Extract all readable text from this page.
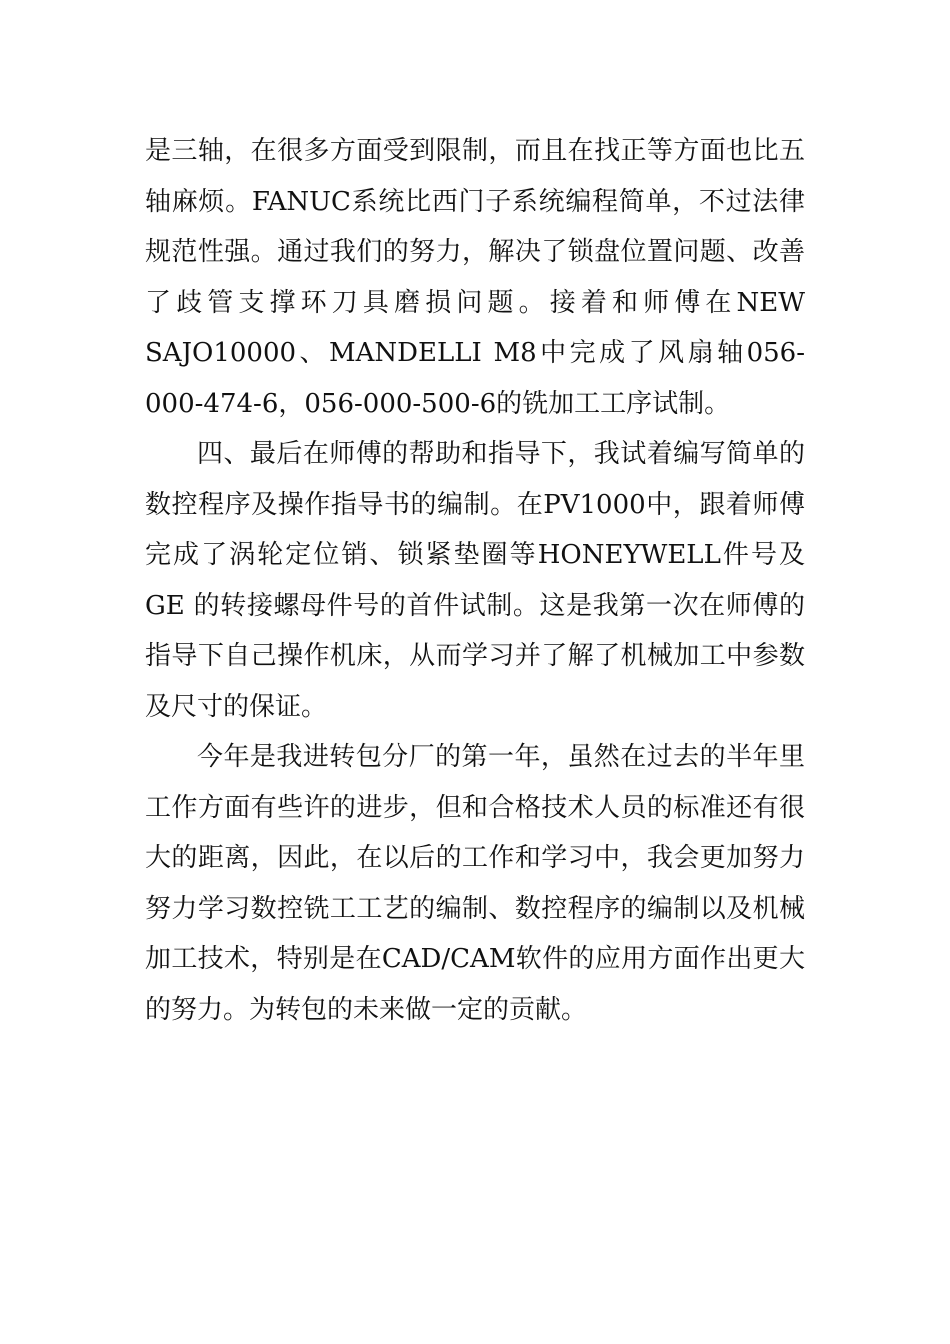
是三轴，在很多方面受到限制，而且在找正等方面也比五轴麻烦。FANUC系统比西门子系统编程简单，不过法律规范性强。通过我们的努力，解决了锁盘位置问题、改善了歧管支撑环刀具磨损问题。接着和师傅在NEW SAJO10000、MANDELLI M8中完成了风扇轴056-000-474-6，056-000-500-6的铣加工工序试制。

四、最后在师傅的帮助和指导下，我试着编写简单的数控程序及操作指导书的编制。在PV1000中，跟着师傅完成了涡轮定位销、锁紧垫圈等HONEYWELL件号及GE 的转接螺母件号的首件试制。这是我第一次在师傅的指导下自己操作机床，从而学习并了解了机械加工中参数及尺寸的保证。

今年是我进转包分厂的第一年，虽然在过去的半年里工作方面有些许的进步，但和合格技术人员的标准还有很大的距离，因此，在以后的工作和学习中，我会更加努力努力学习数控铣工工艺的编制、数控程序的编制以及机械加工技术，特别是在CAD/CAM软件的应用方面作出更大的努力。为转包的未来做一定的贡献。
